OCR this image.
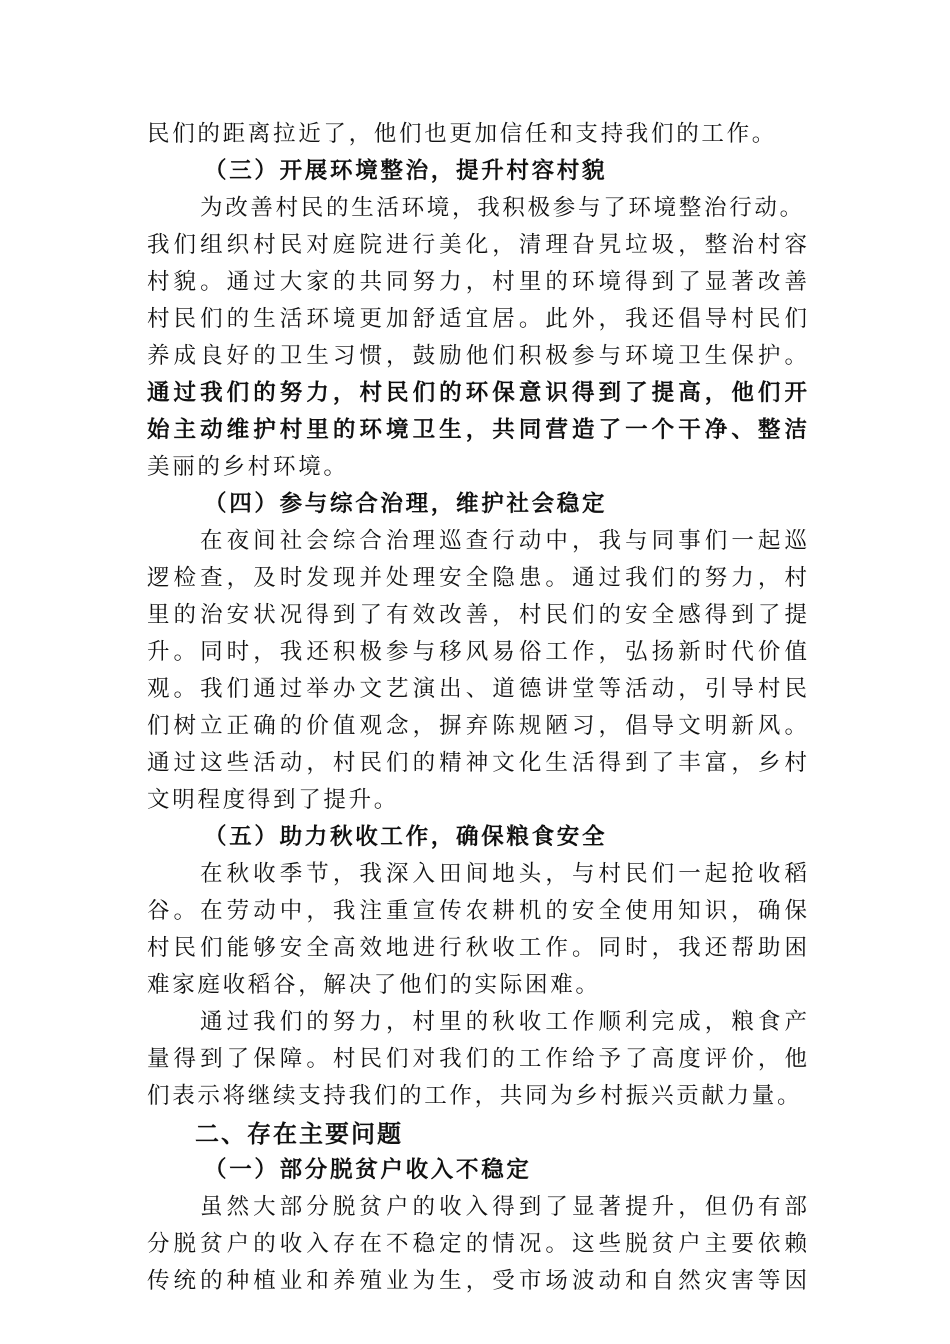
民们的距离拉近了，他们也更加信任和支持我们的工作。
（三）开展环境整治，提升村容村貌
为改善村民的生活环境，我积极参与了环境整治行动。
我们组织村民对庭院进行美化，清理旮旯垃圾，整治村容
村貌。通过大家的共同努力，村里的环境得到了显著改善
村民们的生活环境更加舒适宜居。此外，我还倡导村民们
养成良好的卫生习惯，鼓励他们积极参与环境卫生保护。
通过我们的努力，村民们的环保意识得到了提高，他们开
始主动维护村里的环境卫生，共同营造了一个干净、整洁
美丽的乡村环境。
（四）参与综合治理，维护社会稳定
在夜间社会综合治理巡查行动中，我与同事们一起巡
逻检查，及时发现并处理安全隐患。通过我们的努力，村
里的治安状况得到了有效改善，村民们的安全感得到了提
升。同时，我还积极参与移风易俗工作，弘扬新时代价值
观。我们通过举办文艺演出、道德讲堂等活动，引导村民
们树立正确的价值观念，摒弃陈规陋习，倡导文明新风。
通过这些活动，村民们的精神文化生活得到了丰富，乡村
文明程度得到了提升。
（五）助力秋收工作，确保粮食安全
在秋收季节，我深入田间地头，与村民们一起抢收稻
谷。在劳动中，我注重宣传农耕机的安全使用知识，确保
村民们能够安全高效地进行秋收工作。同时，我还帮助困
难家庭收稻谷，解决了他们的实际困难。
通过我们的努力，村里的秋收工作顺利完成，粮食产
量得到了保障。村民们对我们的工作给予了高度评价，他
们表示将继续支持我们的工作，共同为乡村振兴贡献力量。
二、存在主要问题
（一）部分脱贫户收入不稳定
虽然大部分脱贫户的收入得到了显著提升，但仍有部
分脱贫户的收入存在不稳定的情况。这些脱贫户主要依赖
传统的种植业和养殖业为生，受市场波动和自然灾害等因
